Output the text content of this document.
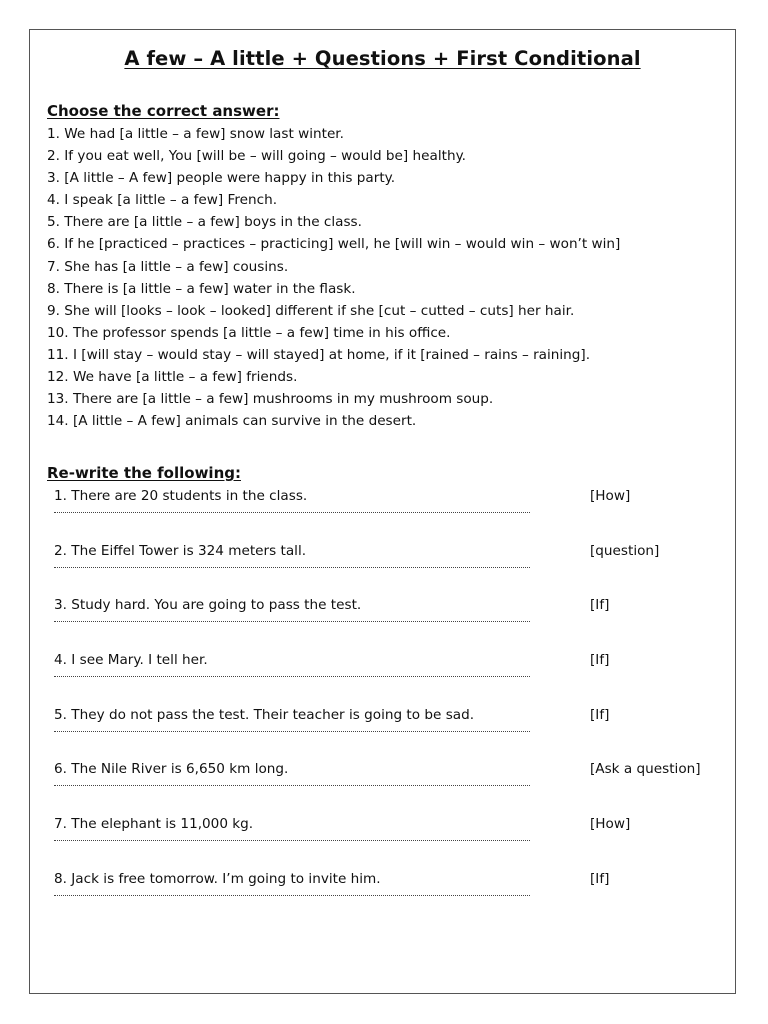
A few – A little + Questions + First Conditional
Choose the correct answer:
1. We had [a little – a few] snow last winter.
2. If you eat well, You [will be – will going – would be] healthy.
3. [A little – A few] people were happy in this party.
4. I speak [a little – a few] French.
5. There are [a little – a few] boys in the class.
6. If he [practiced – practices – practicing] well, he [will win – would win – won’t win]
7. She has [a little – a few] cousins.
8. There is [a little – a few] water in the flask.
9. She will [looks – look – looked] different if she [cut – cutted – cuts] her hair.
10. The professor spends [a little – a few] time in his office.
11. I [will stay – would stay – will stayed] at home, if it [rained – rains – raining].
12. We have [a little – a few] friends.
13. There are [a little – a few] mushrooms in my mushroom soup.
14. [A little – A few] animals can survive in the desert.
Re-write the following:
1. There are 20 students in the class.	[How]
2. The Eiffel Tower is 324 meters tall.	[question]
3. Study hard. You are going to pass the test.	[If]
4. I see Mary. I tell her.	[If]
5. They do not pass the test. Their teacher is going to be sad.	[If]
6. The Nile River is 6,650 km long.	[Ask a question]
7. The elephant is 11,000 kg.	[How]
8. Jack is free tomorrow. I’m going to invite him.	[If]
